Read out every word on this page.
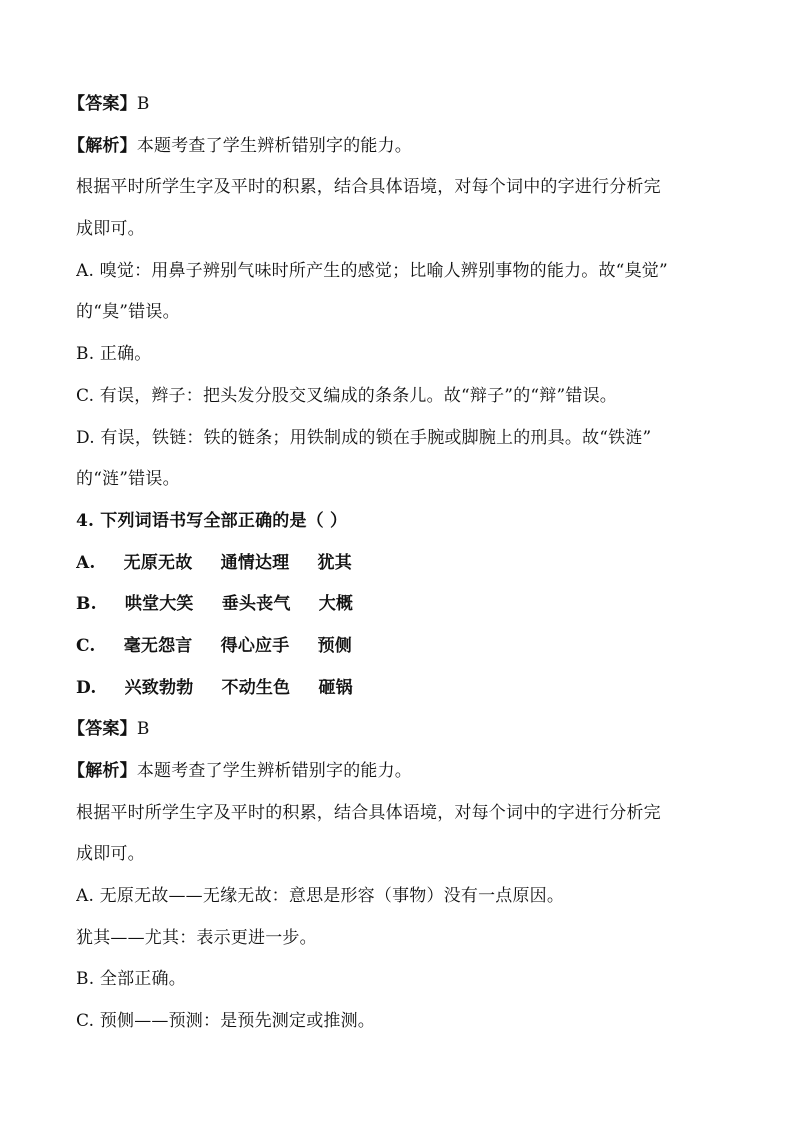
【答案】B
【解析】本题考查了学生辨析错别字的能力。
根据平时所学生字及平时的积累，结合具体语境，对每个词中的字进行分析完
成即可。
A. 嗅觉：用鼻子辨别气味时所产生的感觉；比喻人辨别事物的能力。故“臭觉”
的“臭”错误。
B. 正确。
C. 有误，辫子：把头发分股交叉编成的条条儿。故“辩子”的“辩”错误。
D. 有误，铁链：铁的链条；用铁制成的锁在手腕或脚腕上的刑具。故“铁涟”
的“涟”错误。
4. 下列词语书写全部正确的是（ ）
A. 无原无故 通情达理 犹其
B. 哄堂大笑 垂头丧气 大概
C. 毫无怨言 得心应手 预侧
D. 兴致勃勃 不动生色 砸锅
【答案】B
【解析】本题考查了学生辨析错别字的能力。
根据平时所学生字及平时的积累，结合具体语境，对每个词中的字进行分析完
成即可。
A. 无原无故——无缘无故：意思是形容（事物）没有一点原因。
犹其——尤其：表示更进一步。
B. 全部正确。
C. 预侧——预测：是预先测定或推测。
